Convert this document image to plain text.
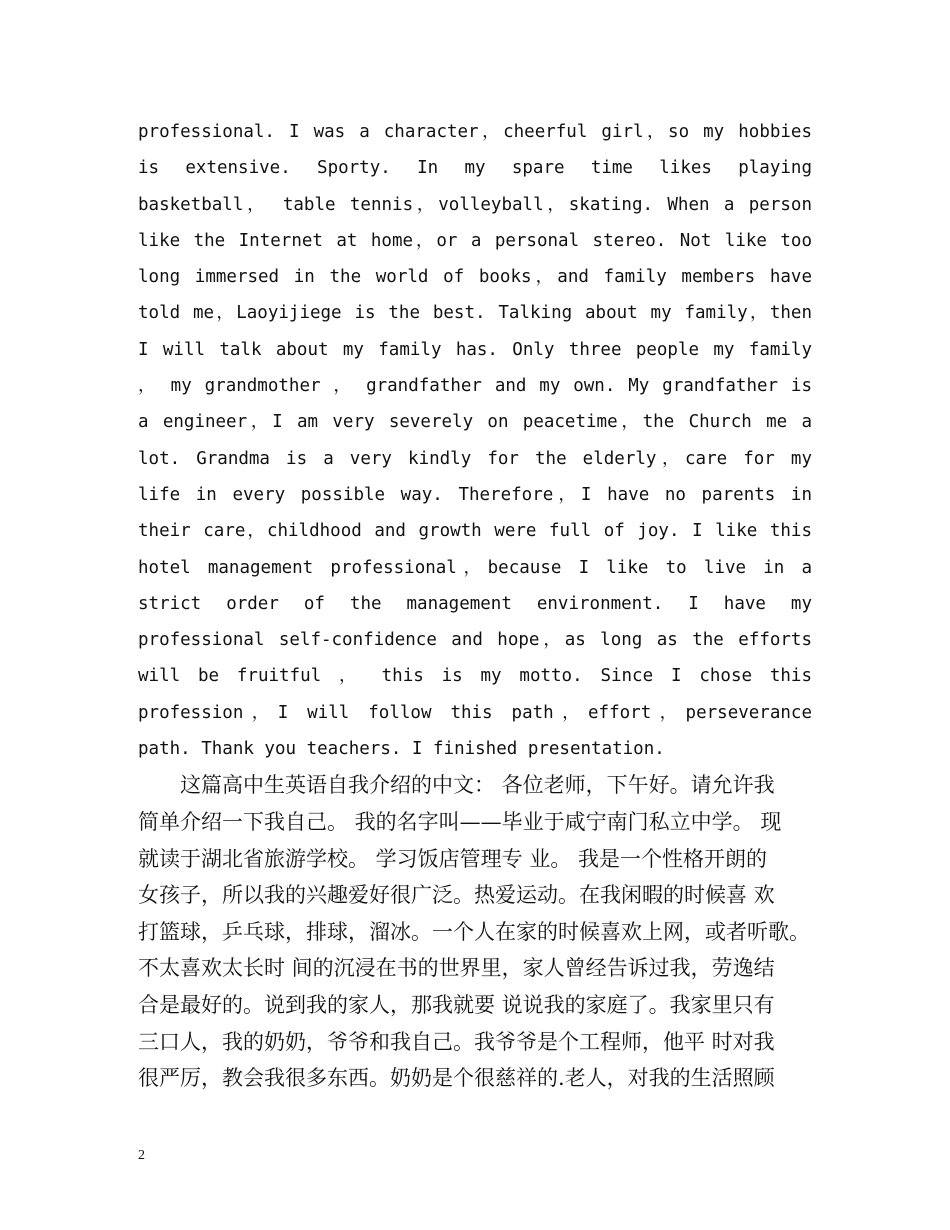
professional. I was a character，cheerful girl，so my hobbies
is extensive. Sporty. In my spare time likes playing
basketball， table tennis，volleyball，skating. When a person
like the Internet at home，or a personal stereo. Not like too
long immersed in the world of books，and family members have
told me，Laoyijiege is the best. Talking about my family，then
I will talk about my family has. Only three people my family
， my grandmother ， grandfather and my own. My grandfather is
a engineer，I am very severely on peacetime，the Church me a
lot. Grandma is a very kindly for the elderly，care for my
life in every possible way. Therefore，I have no parents in
their care，childhood and growth were full of joy. I like this
hotel management professional，because I like to live in a
strict order of the management environment. I have my
professional self-confidence and hope，as long as the efforts
will be fruitful ， this is my motto. Since I chose this
profession，I will follow this path，effort，perseverance
path. Thank you teachers. I finished presentation.
这篇高中生英语自我介绍的中文： 各位老师，下午好。请允许我
简单介绍一下我自己。 我的名字叫——毕业于咸宁南门私立中学。 现
就读于湖北省旅游学校。 学习饭店管理专 业。 我是一个性格开朗的
女孩子，所以我的兴趣爱好很广泛。热爱运动。在我闲暇的时候喜 欢
打篮球，乒乓球，排球，溜冰。一个人在家的时候喜欢上网，或者听歌。
不太喜欢太长时 间的沉浸在书的世界里，家人曾经告诉过我，劳逸结
合是最好的。说到我的家人，那我就要 说说我的家庭了。我家里只有
三口人，我的奶奶，爷爷和我自己。我爷爷是个工程师，他平 时对我
很严厉，教会我很多东西。奶奶是个很慈祥的.老人，对我的生活照顾
2
